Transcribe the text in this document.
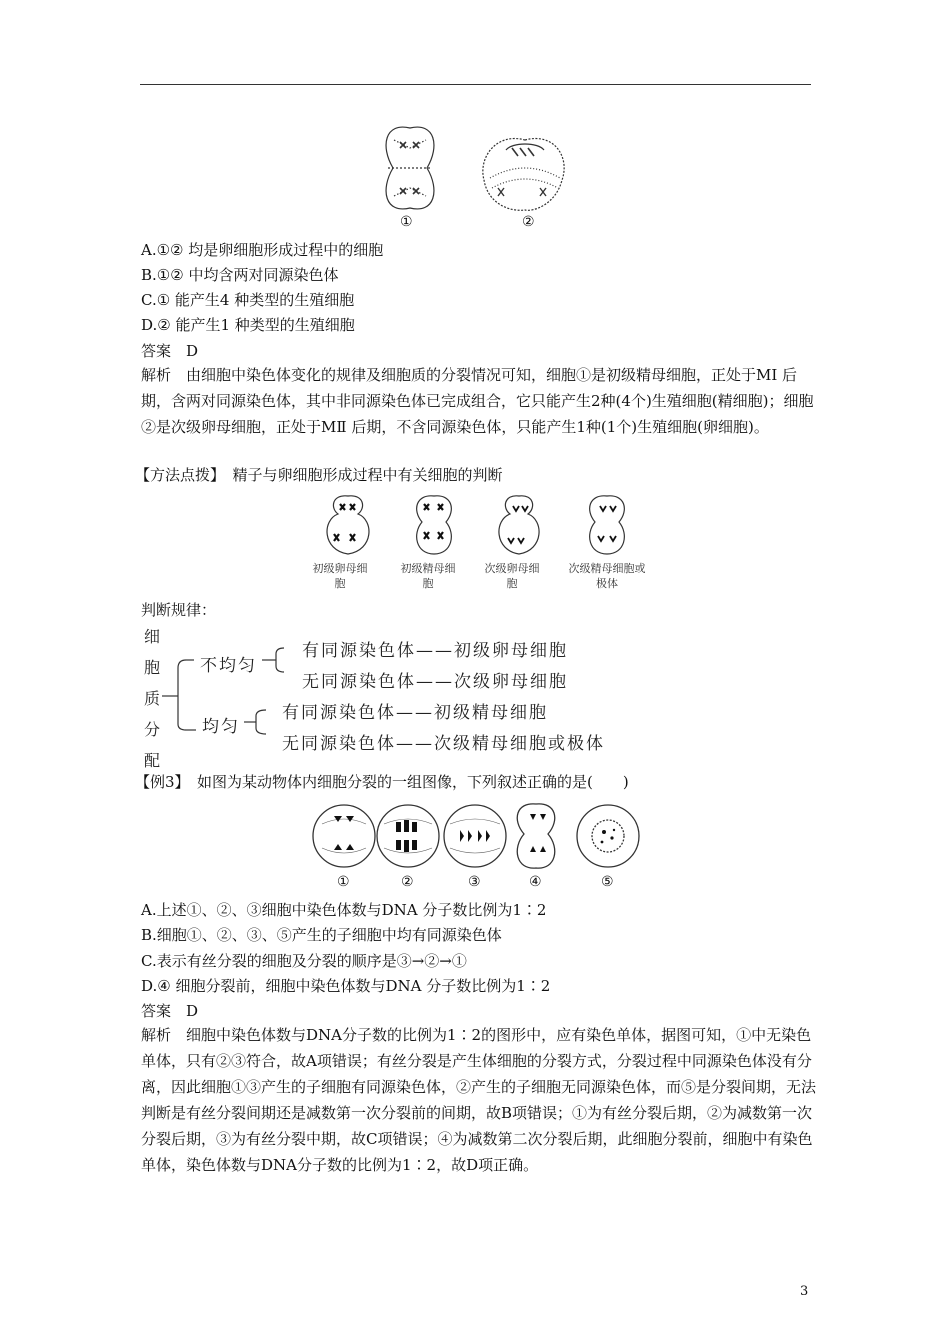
①	②
A.①② 均是卵细胞形成过程中的细胞
B.①② 中均含两对同源染色体
C.① 能产生4 种类型的生殖细胞
D.② 能产生1 种类型的生殖细胞
答案　D
解析　由细胞中染色体变化的规律及细胞质的分裂情况可知，细胞①是初级精母细胞，正处于MⅠ 后期，含两对同源染色体，其中非同源染色体已完成组合，它只能产生2种(4个)生殖细胞(精细胞)；细胞②是次级卵母细胞，正处于MⅡ 后期，不含同源染色体，只能产生1种(1个)生殖细胞(卵细胞)。
【方法点拨】　精子与卵细胞形成过程中有关细胞的判断
初级卵母细胞
初级精母细胞
次级卵母细胞
次级精母细胞或极体
判断规律：
细
胞
质
分
配
不均匀
均匀
有同源染色体——初级卵母细胞
无同源染色体——次级卵母细胞
有同源染色体——初级精母细胞
无同源染色体——次级精母细胞或极体
【例3】　如图为某动物体内细胞分裂的一组图像，下列叙述正确的是(　　)
①	②	③	④	⑤
A.上述①、②、③细胞中染色体数与DNA 分子数比例为1∶2
B.细胞①、②、③、⑤产生的子细胞中均有同源染色体
C.表示有丝分裂的细胞及分裂的顺序是③→②→①
D.④ 细胞分裂前，细胞中染色体数与DNA 分子数比例为1∶2
答案　D
解析　细胞中染色体数与DNA分子数的比例为1∶2的图形中，应有染色单体，据图可知，①中无染色单体，只有②③符合，故A项错误；有丝分裂是产生体细胞的分裂方式，分裂过程中同源染色体没有分离，因此细胞①③产生的子细胞有同源染色体，②产生的子细胞无同源染色体，而⑤是分裂间期，无法判断是有丝分裂间期还是减数第一次分裂前的间期，故B项错误；①为有丝分裂后期，②为减数第一次分裂后期，③为有丝分裂中期，故C项错误；④为减数第二次分裂后期，此细胞分裂前，细胞中有染色单体，染色体数与DNA分子数的比例为1∶2，故D项正确。
3
